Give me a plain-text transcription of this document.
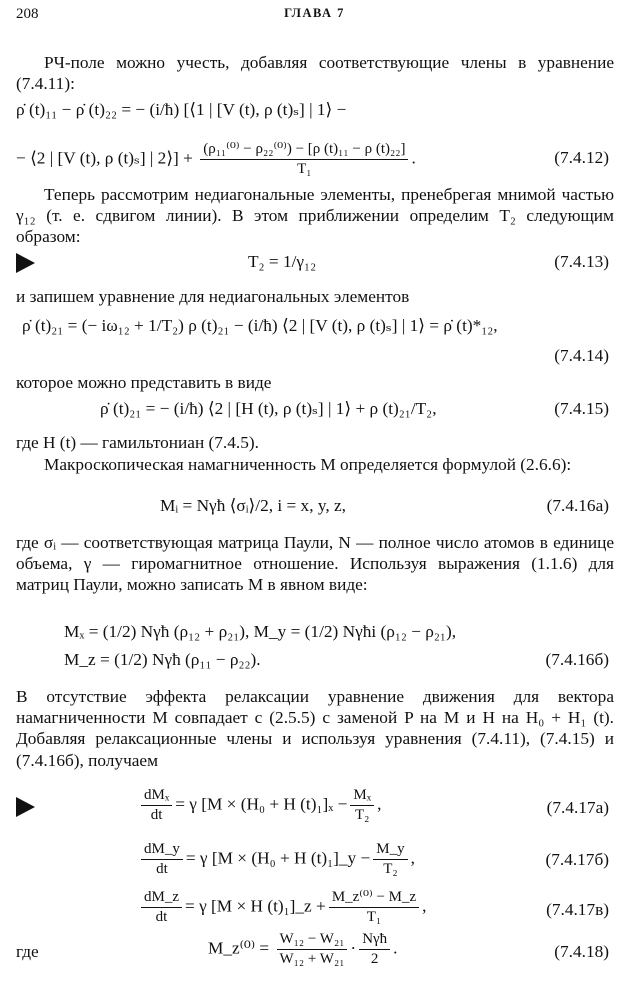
208	ГЛАВА 7
РЧ-поле можно учесть, добавляя соответствующие члены в уравнение (7.4.11):
ρ̇ (t)₁₁ − ρ̇ (t)₂₂ = − (i/ħ) [⟨1 | [V (t), ρ (t)ₛ] | 1⟩ −
− ⟨2 | [V (t), ρ (t)ₛ] | 2⟩] + $\frac{\text{(ρ₁₁⁽⁰⁾ − ρ₂₂⁽⁰⁾) − [ρ (t)₁₁ − ρ (t)₂₂]}}{\text{T₁}}$ .	(7.4.12)
Теперь рассмотрим недиагональные элементы, пренебрегая мнимой частью γ₁₂ (т. е. сдвигом линии). В этом приближении определим T₂ следующим образом:
T₂ = 1/γ₁₂	(7.4.13)
и запишем уравнение для недиагональных элементов
ρ̇ (t)₂₁ = (− iω₁₂ + 1/T₂) ρ (t)₂₁ − (i/ħ) ⟨2 | [V (t), ρ (t)ₛ] | 1⟩ = ρ̇ (t)*₁₂,
(7.4.14)
которое можно представить в виде
ρ̇ (t)₂₁ = − (i/ħ) ⟨2 | [H (t), ρ (t)ₛ] | 1⟩ + ρ (t)₂₁/T₂,	(7.4.15)
где H (t) — гамильтониан (7.4.5).
Макроскопическая намагниченность M определяется формулой (2.6.6):
Mᵢ = Nγħ ⟨σᵢ⟩/2, i = x, y, z,	(7.4.16a)
где σᵢ — соответствующая матрица Паули, N — полное число атомов в единице объема, γ — гиромагнитное отношение. Используя выражения (1.1.6) для матриц Паули, можно записать M в явном виде:
Mₓ = (1/2) Nγħ (ρ₁₂ + ρ₂₁), M_y = (1/2) Nγħi (ρ₁₂ − ρ₂₁),
M_z = (1/2) Nγħ (ρ₁₁ − ρ₂₂).	(7.4.16б)
В отсутствие эффекта релаксации уравнение движения для вектора намагниченности M совпадает с (2.5.5) с заменой P на M и H на H₀ + H₁ (t). Добавляя релаксационные члены и используя уравнения (7.4.11), (7.4.15) и (7.4.16б), получаем
$\frac{\text{dMₓ}}{dt} = \gamma$ [M × (H₀ + H $(t)_1]_x - \frac{\text{Mₓ}}{\text{T₂}}$ ,	(7.4.17a)
$\frac{dM\_y}{dt} = \gamma$ [M × (H₀ + H (t)₁]_y − $\frac{M\_y}{\text{T₂}}$ ,	(7.4.17б)
$\frac{dM\_z}{dt} = \gamma$ [M × H (t)₁]_z + $\frac{\text{M\_z⁽⁰⁾ − M\_z}}{\text{T₁}}$ ,	(7.4.17в)
где	M_z⁽⁰⁾ = $\frac{\text{W₁₂ − W₂₁}}{\text{W₁₂ + W₂₁}} \cdot \frac{\text{Nγħ}}{2}$ .	(7.4.18)
